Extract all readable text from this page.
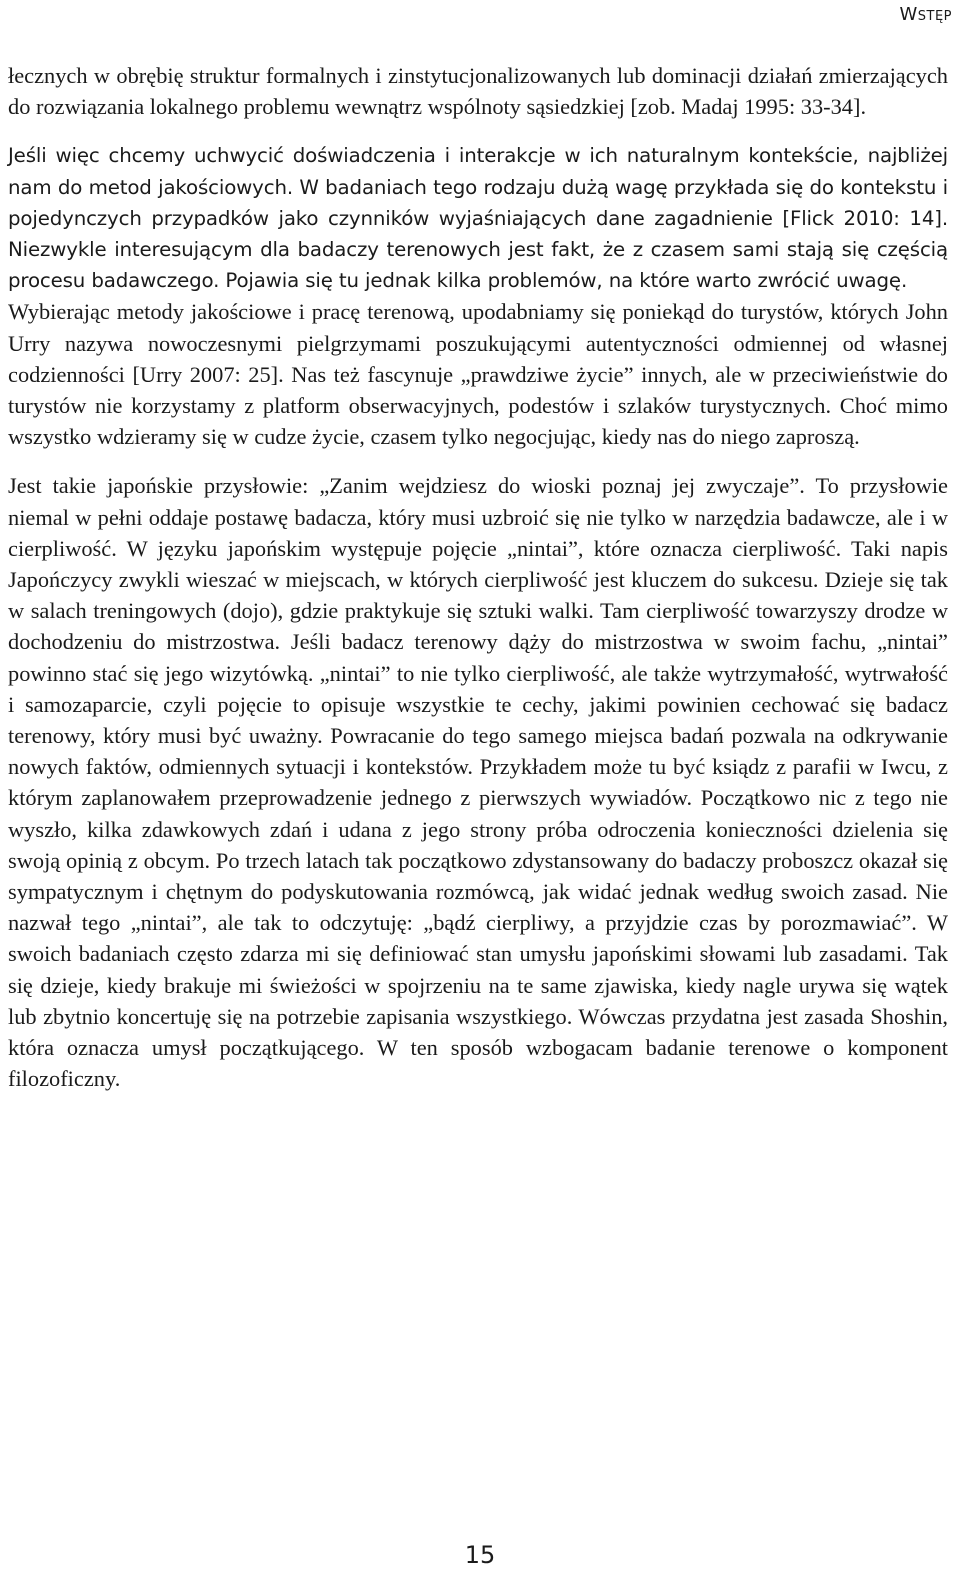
Wstęp

łecznych w obrębię struktur formalnych i zinstytucjonalizowanych lub dominacji działań zmierzających do rozwiązania lokalnego problemu wewnątrz wspólnoty sąsiedzkiej [zob. Madaj 1995: 33-34].

Jeśli więc chcemy uchwycić doświadczenia i interakcje w ich naturalnym kontekście, najbliżej nam do metod jakościowych. W badaniach tego rodzaju dużą wagę przykłada się do kontekstu i pojedynczych przypadków jako czynników wyjaśniających dane zagadnienie [Flick 2010: 14]. Niezwykle interesującym dla badaczy terenowych jest fakt, że z czasem sami stają się częścią procesu badawczego. Pojawia się tu jednak kilka problemów, na które warto zwrócić uwagę.

Wybierając metody jakościowe i pracę terenową, upodabniamy się poniekąd do turystów, których John Urry nazywa nowoczesnymi pielgrzymami poszukującymi autentyczności odmiennej od własnej codzienności [Urry 2007: 25]. Nas też fascynuje „prawdziwe życie” innych, ale w przeciwieństwie do turystów nie korzystamy z platform obserwacyjnych, podestów i szlaków turystycznych. Choć mimo wszystko wdzieramy się w cudze życie, czasem tylko negocjując, kiedy nas do niego zaproszą.

Jest takie japońskie przysłowie: „Zanim wejdziesz do wioski poznaj jej zwyczaje”. To przysłowie niemal w pełni oddaje postawę badacza, który musi uzbroić się nie tylko w narzędzia badawcze, ale i w cierpliwość. W języku japońskim występuje pojęcie „nintai”, które oznacza cierpliwość. Taki napis Japończycy zwykli wieszać w miejscach, w których cierpliwość jest kluczem do sukcesu. Dzieje się tak w salach treningowych (dojo), gdzie praktykuje się sztuki walki. Tam cierpliwość towarzyszy drodze w dochodzeniu do mistrzostwa. Jeśli badacz terenowy dąży do mistrzostwa w swoim fachu, „nintai” powinno stać się jego wizytówką. „nintai” to nie tylko cierpliwość, ale także wytrzymałość, wytrwałość i samozaparcie, czyli pojęcie to opisuje wszystkie te cechy, jakimi powinien cechować się badacz terenowy, który musi być uważny. Powracanie do tego samego miejsca badań pozwala na odkrywanie nowych faktów, odmiennych sytuacji i kontekstów. Przykładem może tu być ksiądz z parafii w Iwcu, z którym zaplanowałem przeprowadzenie jednego z pierwszych wywiadów. Początkowo nic z tego nie wyszło, kilka zdawkowych zdań i udana z jego strony próba odroczenia konieczności dzielenia się swoją opinią z obcym. Po trzech latach tak początkowo zdystansowany do badaczy proboszcz okazał się sympatycznym i chętnym do podyskutowania rozmówcą, jak widać jednak według swoich zasad. Nie nazwał tego „nintai”, ale tak to odczytuję: „bądź cierpliwy, a przyjdzie czas by porozmawiać”. W swoich badaniach często zdarza mi się definiować stan umysłu japońskimi słowami lub zasadami. Tak się dzieje, kiedy brakuje mi świeżości w spojrzeniu na te same zjawiska, kiedy nagle urywa się wątek lub zbytnio koncertuję się na potrzebie zapisania wszystkiego. Wówczas przydatna jest zasada Shoshin, która oznacza umysł początkującego. W ten sposób wzbogacam badanie terenowe o komponent filozoficzny.

15
